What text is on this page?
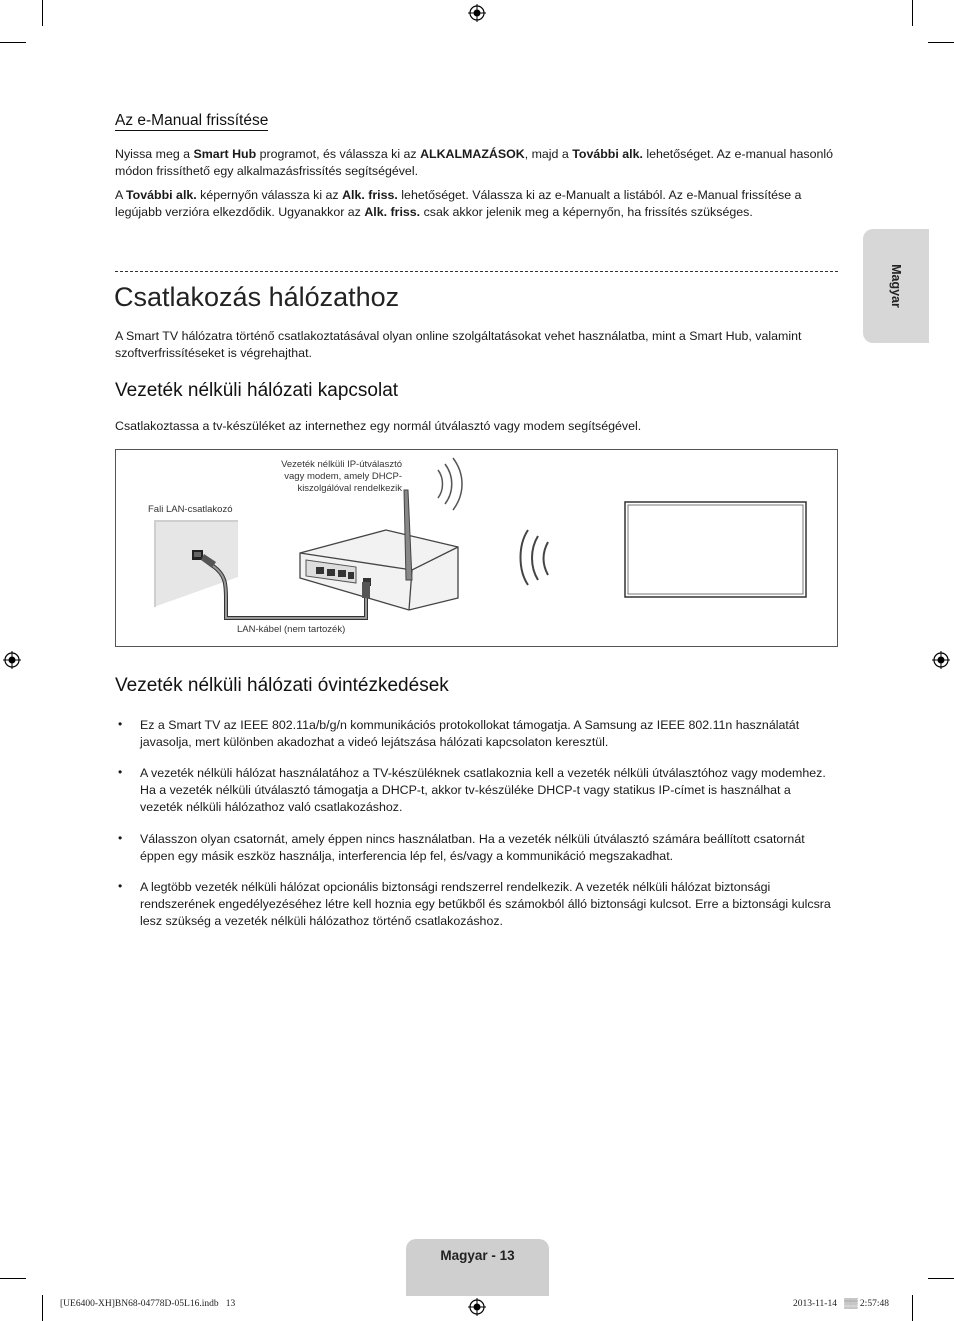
Az e-Manual frissítése

Nyissa meg a Smart Hub programot, és válassza ki az ALKALMAZÁSOK, majd a További alk. lehetőséget. Az e-manual hasonló módon frissíthető egy alkalmazásfrissítés segítségével.

A További alk. képernyőn válassza ki az Alk. friss. lehetőséget. Válassza ki az e-Manualt a listából. Az e-Manual frissítése a legújabb verzióra elkezdődik. Ugyanakkor az Alk. friss. csak akkor jelenik meg a képernyőn, ha frissítés szükséges.

Csatlakozás hálózathoz

A Smart TV hálózatra történő csatlakoztatásával olyan online szolgáltatásokat vehet használatba, mint a Smart Hub, valamint szoftverfrissítéseket is végrehajthat.

Vezeték nélküli hálózati kapcsolat

Csatlakoztassa a tv-készüléket az internethez egy normál útválasztó vagy modem segítségével.

Vezeték nélküli IP-útválasztó
vagy modem, amely DHCP-
kiszolgálóval rendelkezik
Fali LAN-csatlakozó
LAN-kábel (nem tartozék)
Vezeték nélküli hálózati óvintézkedések
• Ez a Smart TV az IEEE 802.11a/b/g/n kommunikációs protokollokat támogatja. A Samsung az IEEE 802.11n használatát javasolja, mert különben akadozhat a videó lejátszása hálózati kapcsolaton keresztül.

• A vezeték nélküli hálózat használatához a TV-készüléknek csatlakoznia kell a vezeték nélküli útválasztóhoz vagy modemhez. Ha a vezeték nélküli útválasztó támogatja a DHCP-t, akkor tv-készüléke DHCP-t vagy statikus IP-címet is használhat a vezeték nélküli hálózathoz való csatlakozáshoz.

• Válasszon olyan csatornát, amely éppen nincs használatban. Ha a vezeték nélküli útválasztó számára beállított csatornát éppen egy másik eszköz használja, interferencia lép fel, és/vagy a kommunikáció megszakadhat.

• A legtöbb vezeték nélküli hálózat opcionális biztonsági rendszerrel rendelkezik. A vezeték nélküli hálózat biztonsági rendszerének engedélyezéséhez létre kell hoznia egy betűkből és számokból álló biztonsági kulcsot. Erre a biztonsági kulcsra lesz szükség a vezeték nélküli hálózathoz történő csatlakozáshoz.

Magyar
Magyar - 13
[UE6400-XH]BN68-04778D-05L16.indb   13	2013-11-14   ▒▒ 2:57:48
